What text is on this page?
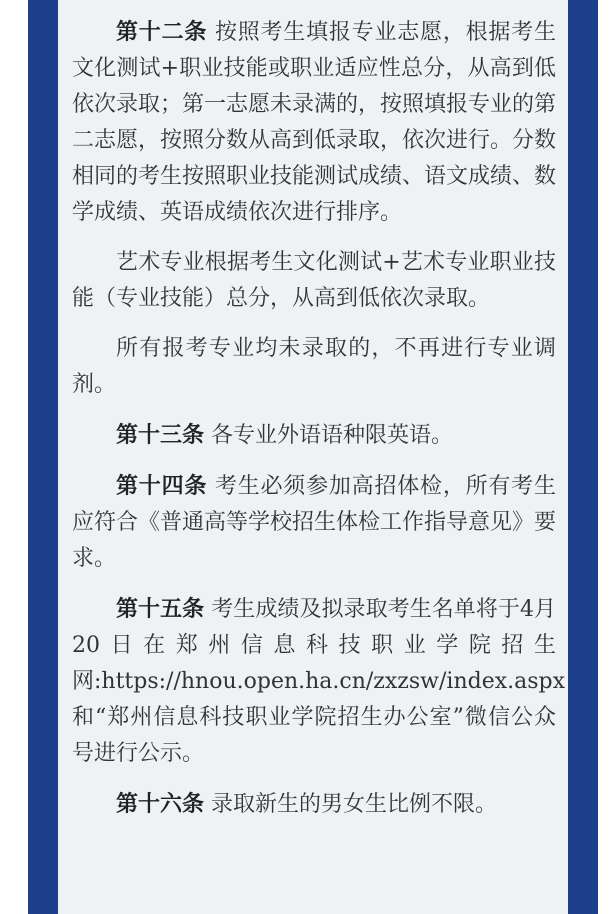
第十二条 按照考生填报专业志愿，根据考生文化测试+职业技能或职业适应性总分，从高到低依次录取；第一志愿未录满的，按照填报专业的第二志愿，按照分数从高到低录取，依次进行。分数相同的考生按照职业技能测试成绩、语文成绩、数学成绩、英语成绩依次进行排序。

艺术专业根据考生文化测试+艺术专业职业技能（专业技能）总分，从高到低依次录取。

所有报考专业均未录取的，不再进行专业调剂。

第十三条 各专业外语语种限英语。

第十四条 考生必须参加高招体检，所有考生应符合《普通高等学校招生体检工作指导意见》要求。

第十五条 考生成绩及拟录取考生名单将于4月20日在郑州信息科技职业学院招生网:https://hnou.open.ha.cn/zxzsw/index.aspx和“郑州信息科技职业学院招生办公室”微信公众号进行公示。

第十六条 录取新生的男女生比例不限。
